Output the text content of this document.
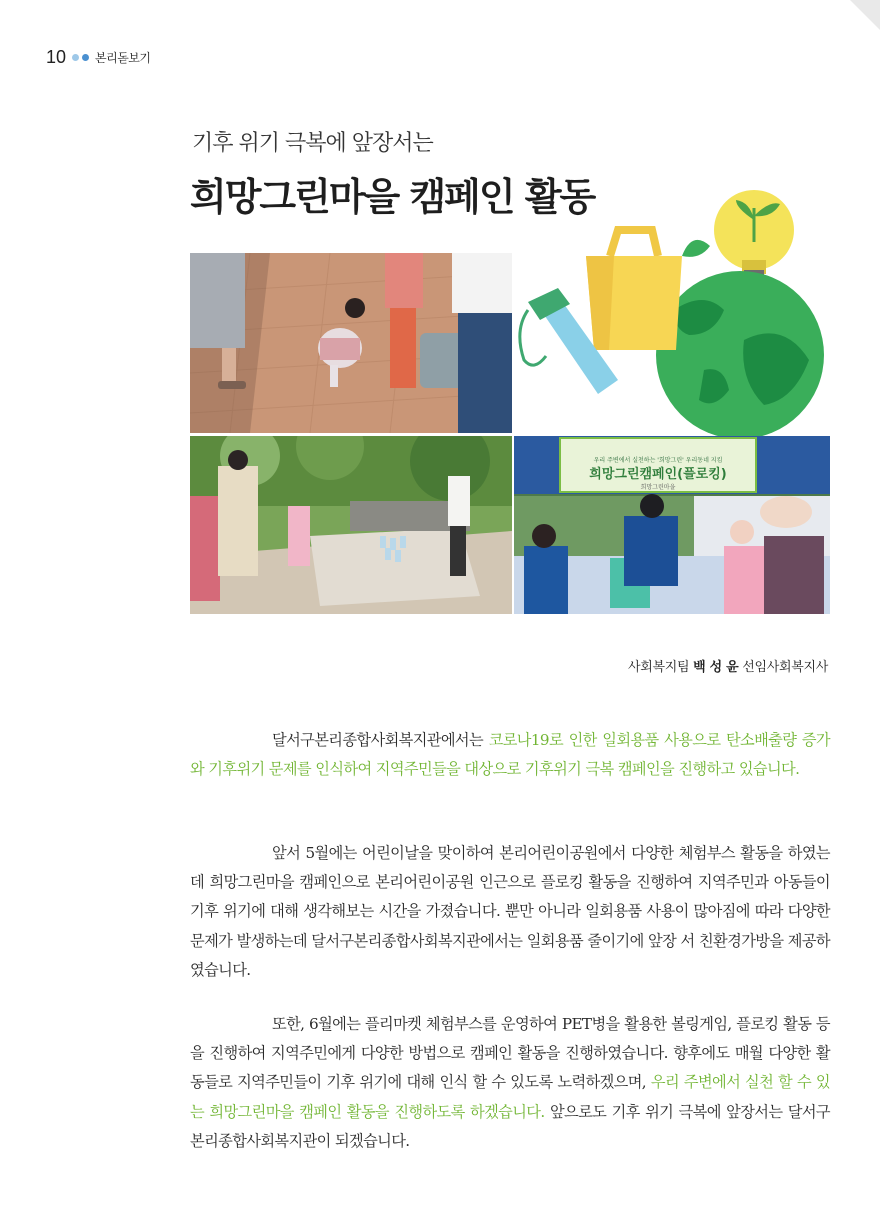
10 본리돋보기
기후 위기 극복에 앞장서는
희망그린마을 캠페인 활동
우리 주변에서 실천하는 '희망그린' 우리동네 지킴
희망그린캠페인(플로킹)
희망그린마을
사회복지팀 백 성 윤 선임사회복지사
달서구본리종합사회복지관에서는 코로나19로 인한 일회용품 사용으로 탄소배출량 증가와 기후위기 문제를 인식하여 지역주민들을 대상으로 기후위기 극복 캠페인을 진행하고 있습니다.
앞서 5월에는 어린이날을 맞이하여 본리어린이공원에서 다양한 체험부스 활동을 하였는데 희망그린마을 캠페인으로 본리어린이공원 인근으로 플로킹 활동을 진행하여 지역주민과 아동들이 기후 위기에 대해 생각해보는 시간을 가졌습니다. 뿐만 아니라 일회용품 사용이 많아짐에 따라 다양한 문제가 발생하는데 달서구본리종합사회복지관에서는 일회용품 줄이기에 앞장 서 친환경가방을 제공하였습니다.
또한, 6월에는 플리마켓 체험부스를 운영하여 PET병을 활용한 볼링게임, 플로킹 활동 등을 진행하여 지역주민에게 다양한 방법으로 캠페인 활동을 진행하였습니다. 향후에도 매월 다양한 활동들로 지역주민들이 기후 위기에 대해 인식 할 수 있도록 노력하겠으며, 우리 주변에서 실천 할 수 있는 희망그린마을 캠페인 활동을 진행하도록 하겠습니다. 앞으로도 기후 위기 극복에 앞장서는 달서구본리종합사회복지관이 되겠습니다.
